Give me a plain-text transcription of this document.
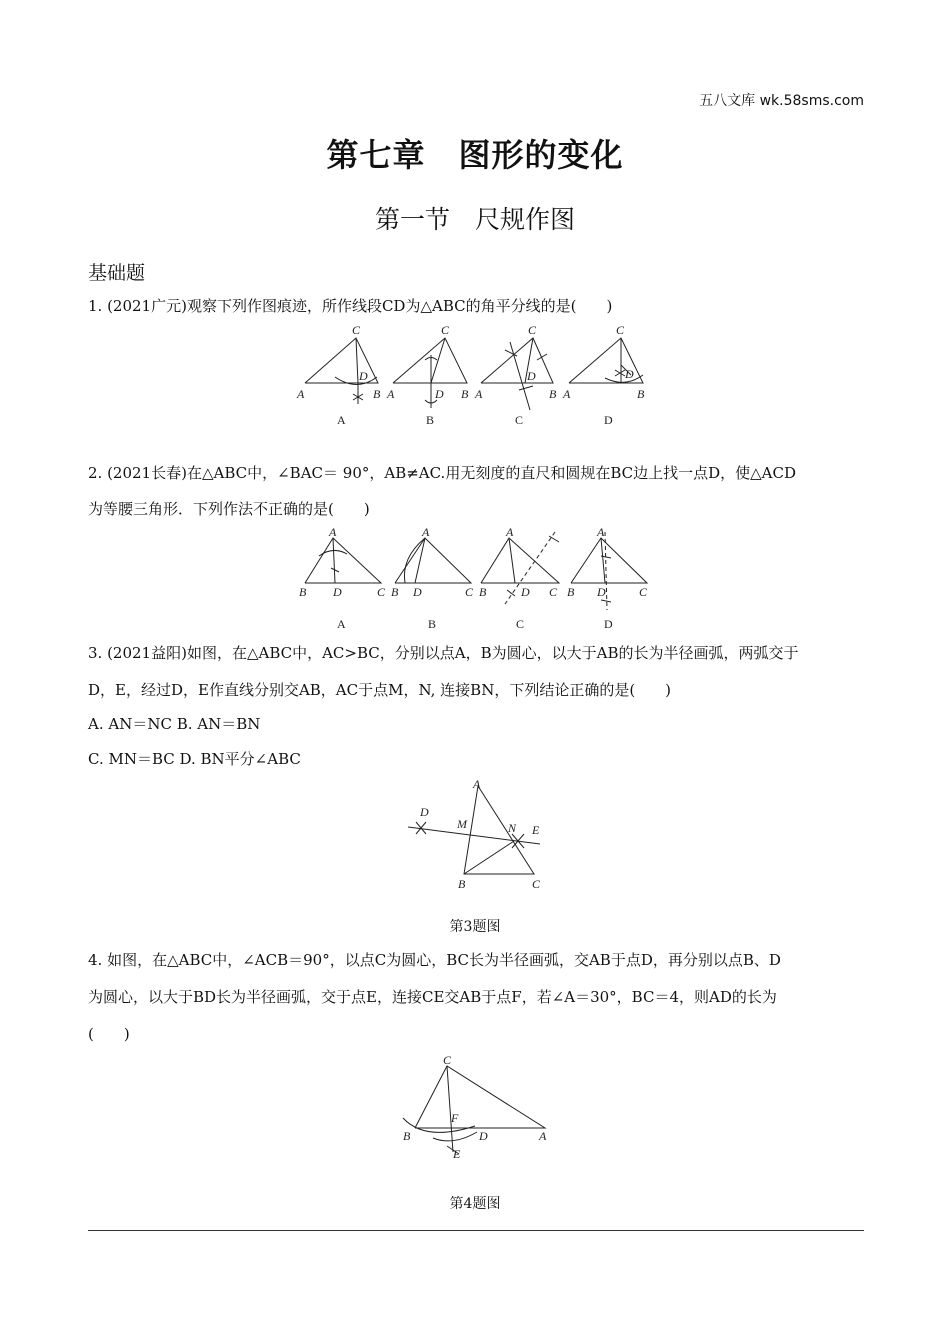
五八文库 wk.58sms.com
第七章　图形的变化
第一节　尺规作图
基础题
1. (2021广元)观察下列作图痕迹，所作线段CD为△ABC的角平分线的是(　　)
C
A
D
B
A
C
A	D B
B
C
A
D
B
C
C
A
D
B
D
2. (2021长春)在△ABC中，∠BAC＝ 90°，AB≠AC.用无刻度的直尺和圆规在BC边上找一点D，使△ACD
为等腰三角形．下列作法不正确的是(　　)
A
B D	C
A
A
B D	C
B
A
B	D C
C
A
B D	C
D
3. (2021益阳)如图，在△ABC中，AC>BC，分别以点A，B为圆心，以大于AB的长为半径画弧，两弧交于
D，E，经过D，E作直线分别交AB，AC于点M，N, 连接BN，下列结论正确的是(　　)
A. AN＝NC B. AN＝BN
C. MN＝BC D. BN平分∠ABC
A
D
M	N E
B	C
第3题图
4. 如图，在△ABC中，∠ACB＝90°，以点C为圆心，BC长为半径画弧，交AB于点D，再分别以点B、D
为圆心，以大于BD长为半径画弧，交于点E，连接CE交AB于点F，若∠A＝30°，BC＝4，则AD的长为
(　　)
C
F
B	D	A
E
第4题图
